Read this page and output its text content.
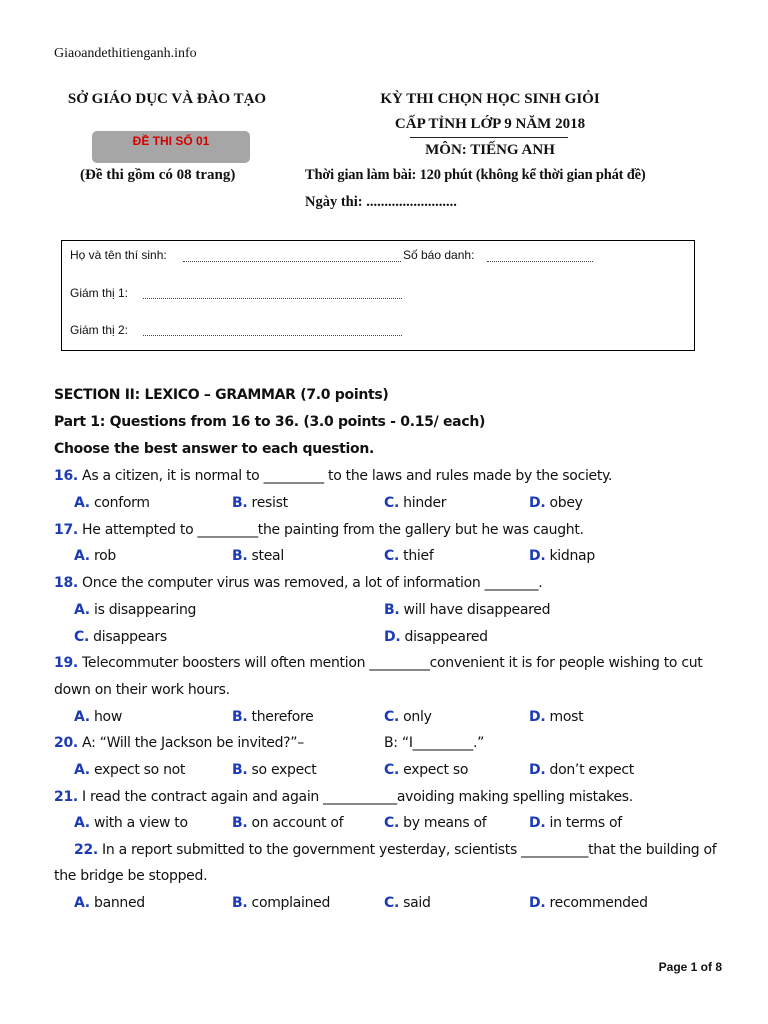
Giaoandethitienganh.info
SỞ GIÁO DỤC VÀ ĐÀO TẠO
ĐỀ THI SỐ 01
(Đề thi gồm có 08 trang)
KỲ THI CHỌN HỌC SINH GIỎI
CẤP TỈNH LỚP 9 NĂM 2018
MÔN: TIẾNG ANH
Thời gian làm bài: 120 phút (không kể thời gian phát đề)
Ngày thi: .........................
Họ và tên thí sinh:	Số báo danh:
Giám thị 1:
Giám thị 2:
SECTION II: LEXICO – GRAMMAR (7.0 points)
Part 1: Questions from 16 to 36. (3.0 points - 0.15/ each)
Choose the best answer to each question.
16. As a citizen, it is normal to _________ to the laws and rules made by the society.
A. conform	B. resist	C. hinder	D. obey
17. He attempted to _________the painting from the gallery but he was caught.
A. rob	B. steal	C. thief	D. kidnap
18. Once the computer virus was removed, a lot of information ________.
A. is disappearing	B. will have disappeared
C. disappears	D. disappeared
19. Telecommuter boosters will often mention _________convenient it is for people wishing to cut
down on their work hours.
A. how	B. therefore	C. only	D. most
20. A: “Will the Jackson be invited?”–	B: “I_________.”
A. expect so not	B. so expect	C. expect so	D. don’t expect
21. I read the contract again and again ___________avoiding making spelling mistakes.
A. with a view to	B. on account of	C. by means of	D. in terms of
22. In a report submitted to the government yesterday, scientists __________that the building of
the bridge be stopped.
A. banned	B. complained	C. said	D. recommended
Page 1 of 8
